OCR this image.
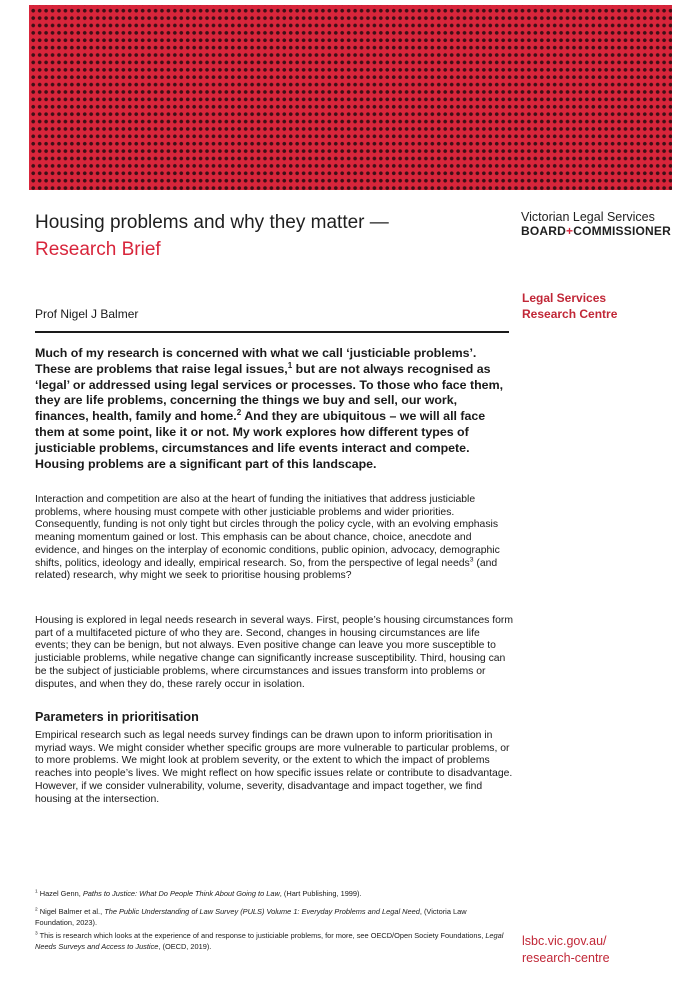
Housing problems and why they matter —
Research Brief
Victorian Legal Services
BOARD+COMMISSIONER
Prof Nigel J Balmer
Legal Services
Research Centre

Much of my research is concerned with what we call ‘justiciable problems’. These are problems that raise legal issues,$^1$ but are not always recognised as ‘legal’ or addressed using legal services or processes. To those who face them, they are life problems, concerning the things we buy and sell, our work, finances, health, family and home.$^2$ And they are ubiquitous – we will all face them at some point, like it or not. My work explores how different types of justiciable problems, circumstances and life events interact and compete. Housing problems are a significant part of this landscape.

Interaction and competition are also at the heart of funding the initiatives that address justiciable problems, where housing must compete with other justiciable problems and wider priorities. Consequently, funding is not only tight but circles through the policy cycle, with an evolving emphasis meaning momentum gained or lost. This emphasis can be about chance, choice, anecdote and evidence, and hinges on the interplay of economic conditions, public opinion, advocacy, demographic shifts, politics, ideology and ideally, empirical research. So, from the perspective of legal needs$^3$ (and related) research, why might we seek to prioritise housing problems?

Housing is explored in legal needs research in several ways. First, people’s housing circumstances form part of a multifaceted picture of who they are. Second, changes in housing circumstances are life events; they can be benign, but not always. Even positive change can leave you more susceptible to justiciable problems, while negative change can significantly increase susceptibility. Third, housing can be the subject of justiciable problems, where circumstances and issues transform into problems or disputes, and when they do, these rarely occur in isolation.

Parameters in prioritisation

Empirical research such as legal needs survey findings can be drawn upon to inform prioritisation in myriad ways. We might consider whether specific groups are more vulnerable to particular problems, or to more problems. We might look at problem severity, or the extent to which the impact of problems reaches into people’s lives. We might reflect on how specific issues relate or contribute to disadvantage. However, if we consider vulnerability, volume, severity, disadvantage and impact together, we find housing at the intersection.

$^1$ Hazel Genn, Paths to Justice: What Do People Think About Going to Law, (Hart Publishing, 1999).
$^2$ Nigel Balmer et al., The Public Understanding of Law Survey (PULS) Volume 1: Everyday Problems and Legal Need, (Victoria Law Foundation, 2023).
$^3$ This is research which looks at the experience of and response to justiciable problems, for more, see OECD/Open Society Foundations, Legal Needs Surveys and Access to Justice, (OECD, 2019).	lsbc.vic.gov.au/
research-centre
